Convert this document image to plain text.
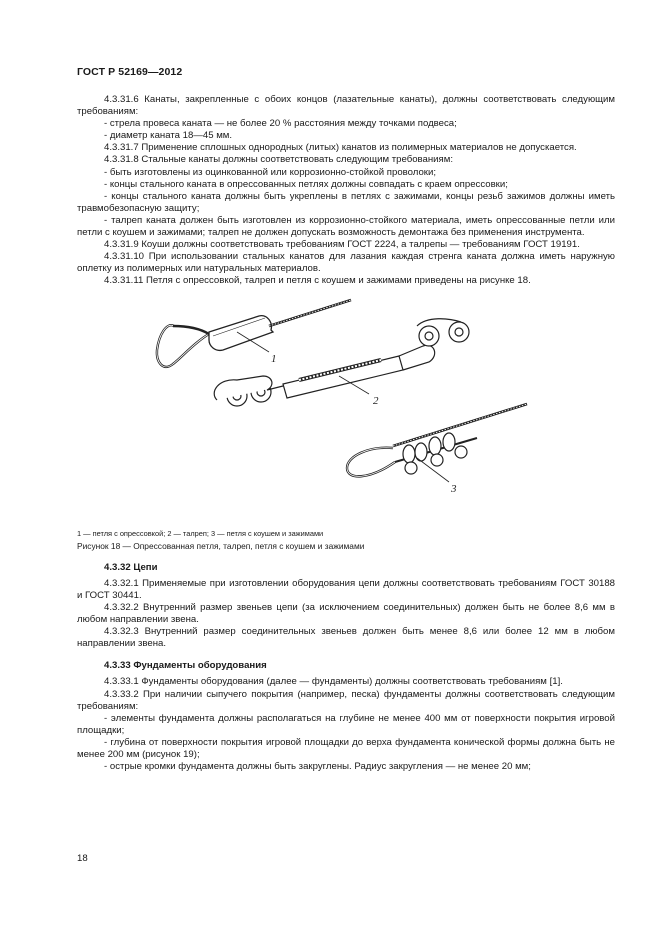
ГОСТ Р 52169—2012

4.3.31.6 Канаты, закрепленные с обоих концов (лазательные канаты), должны соответствовать следующим требованиям:

- стрела провеса каната — не более 20 % расстояния между точками подвеса;

- диаметр каната 18—45 мм.

4.3.31.7 Применение сплошных однородных (литых) канатов из полимерных материалов не допускается.

4.3.31.8 Стальные канаты должны соответствовать следующим требованиям:

- быть изготовлены из оцинкованной или коррозионно-стойкой проволоки;

- концы стального каната в опрессованных петлях должны совпадать с краем опрессовки;

- концы стального каната должны быть укреплены в петлях с зажимами, концы резьб зажимов должны иметь травмобезопасную защиту;

- талреп каната должен быть изготовлен из коррозионно-стойкого материала, иметь опрессованные петли или петли с коушем и зажимами; талреп не должен допускать возможность демонтажа без применения инструмента.

4.3.31.9 Коуши должны соответствовать требованиям ГОСТ 2224, а талрепы — требованиям ГОСТ 19191.

4.3.31.10 При использовании стальных канатов для лазания каждая стренга каната должна иметь наружную оплетку из полимерных или натуральных материалов.

4.3.31.11 Петля с опрессовкой, талреп и петля с коушем и зажимами приведены на рисунке 18.

1
2
3

1 — петля с опрессовкой; 2 — талреп; 3 — петля с коушем и зажимами

Рисунок 18 — Опрессованная петля, талреп, петля с коушем и зажимами

4.3.32 Цепи

4.3.32.1 Применяемые при изготовлении оборудования цепи должны соответствовать требованиям ГОСТ 30188 и ГОСТ 30441.

4.3.32.2 Внутренний размер звеньев цепи (за исключением соединительных) должен быть не более 8,6 мм в любом направлении звена.

4.3.32.3 Внутренний размер соединительных звеньев должен быть менее 8,6 или более 12 мм в любом направлении звена.

4.3.33 Фундаменты оборудования

4.3.33.1 Фундаменты оборудования (далее — фундаменты) должны соответствовать требованиям [1].

4.3.33.2 При наличии сыпучего покрытия (например, песка) фундаменты должны соответствовать следующим требованиям:

- элементы фундамента должны располагаться на глубине не менее 400 мм от поверхности покрытия игровой площадки;

- глубина от поверхности покрытия игровой площадки до верха фундамента конической формы должна быть не менее 200 мм (рисунок 19);

- острые кромки фундамента должны быть закруглены. Радиус закругления — не менее 20 мм;

18
